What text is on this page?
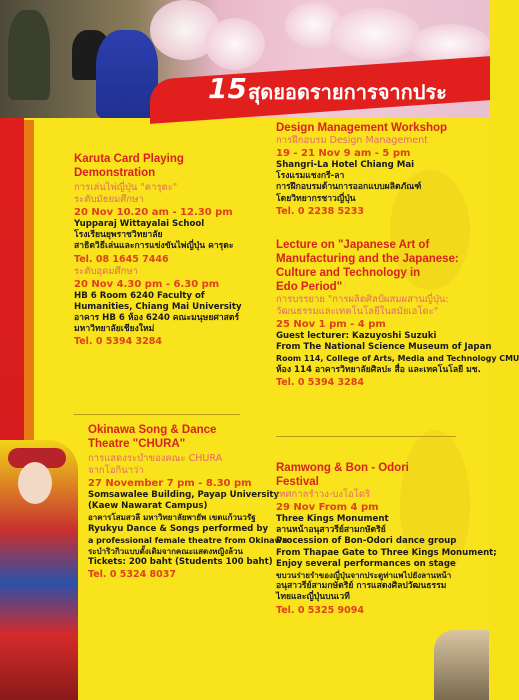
15 สุดยอดรายการจากประ
Karuta Card Playing
Demonstration
การเล่นไพ่ญี่ปุ่น "คารุตะ"
ระดับมัธยมศึกษา
20 Nov 10.20 am - 12.30 pm
Yupparaj Wittayalai School
โรงเรียนยุพราชวิทยาลัย
สาธิตวิธีเล่นและการแข่งขันไพ่ญี่ปุ่น คารุตะ
Tel. 08 1645 7446
ระดับอุดมศึกษา
20 Nov 4.30 pm - 6.30 pm
HB 6 Room 6240 Faculty of
Humanities, Chiang Mai University
อาคาร HB 6 ห้อง 6240 คณะมนุษยศาสตร์
มหาวิทยาลัยเชียงใหม่
Tel. 0 5394 3284
Design Management Workshop
การฝึกอบรม Design Management
19 - 21 Nov 9 am - 5 pm
Shangri-La Hotel Chiang Mai
โรงแรมแชงกรี-ลา
การฝึกอบรมด้านการออกแบบผลิตภัณฑ์
โดยวิทยากรชาวญี่ปุ่น
Tel. 0 2238 5233
Lecture on "Japanese Art of
Manufacturing and the Japanese:
Culture and Technology in
Edo Period"
การบรรยาย "การผลิตศิลป์ผสมผสานญี่ปุ่น:
วัฒนธรรมและเทคโนโลยีในสมัยเอโดะ"
25 Nov 1 pm - 4 pm
Guest lecturer: Kazuyoshi Suzuki
From The National Science Museum of Japan
Room 114, College of Arts, Media and Technology CMU
ห้อง 114 อาคารวิทยาลัยศิลปะ สื่อ และเทคโนโลยี มช.
Tel. 0 5394 3284
Okinawa Song & Dance
Theatre "CHURA"
การแสดงระบำของคณะ CHURA
จากโอกินาว่า
27 November 7 pm - 8.30 pm
Somsawalee Building, Payap University
(Kaew Nawarat Campus)
อาคารโสมสวลี มหาวิทยาลัยพายัพ เขตแก้วนวรัฐ
Ryukyu Dance & Songs performed by
a professional female theatre from Okinawa
ระบำริวกิวแบบดั้งเดิมจากคณะแสดงหญิงล้วน
Tickets: 200 baht (Students 100 baht)
Tel. 0 5324 8037
Ramwong & Bon - Odori
Festival
เทศกาลรำวง-บงโอโดริ
29 Nov From 4 pm
Three Kings Monument
ลานหน้าอนุสาวรีย์สามกษัตริย์
Procession of Bon-Odori dance group
From Thapae Gate to Three Kings Monument;
Enjoy several performances on stage
ขบวนร่ายรำของญี่ปุ่นจากประตูท่าแพไปยังลานหน้า
อนุสาวรีย์สามกษัตริย์ การแสดงศิลปวัฒนธรรม
ไทยและญี่ปุ่นบนเวที
Tel. 0 5325 9094
